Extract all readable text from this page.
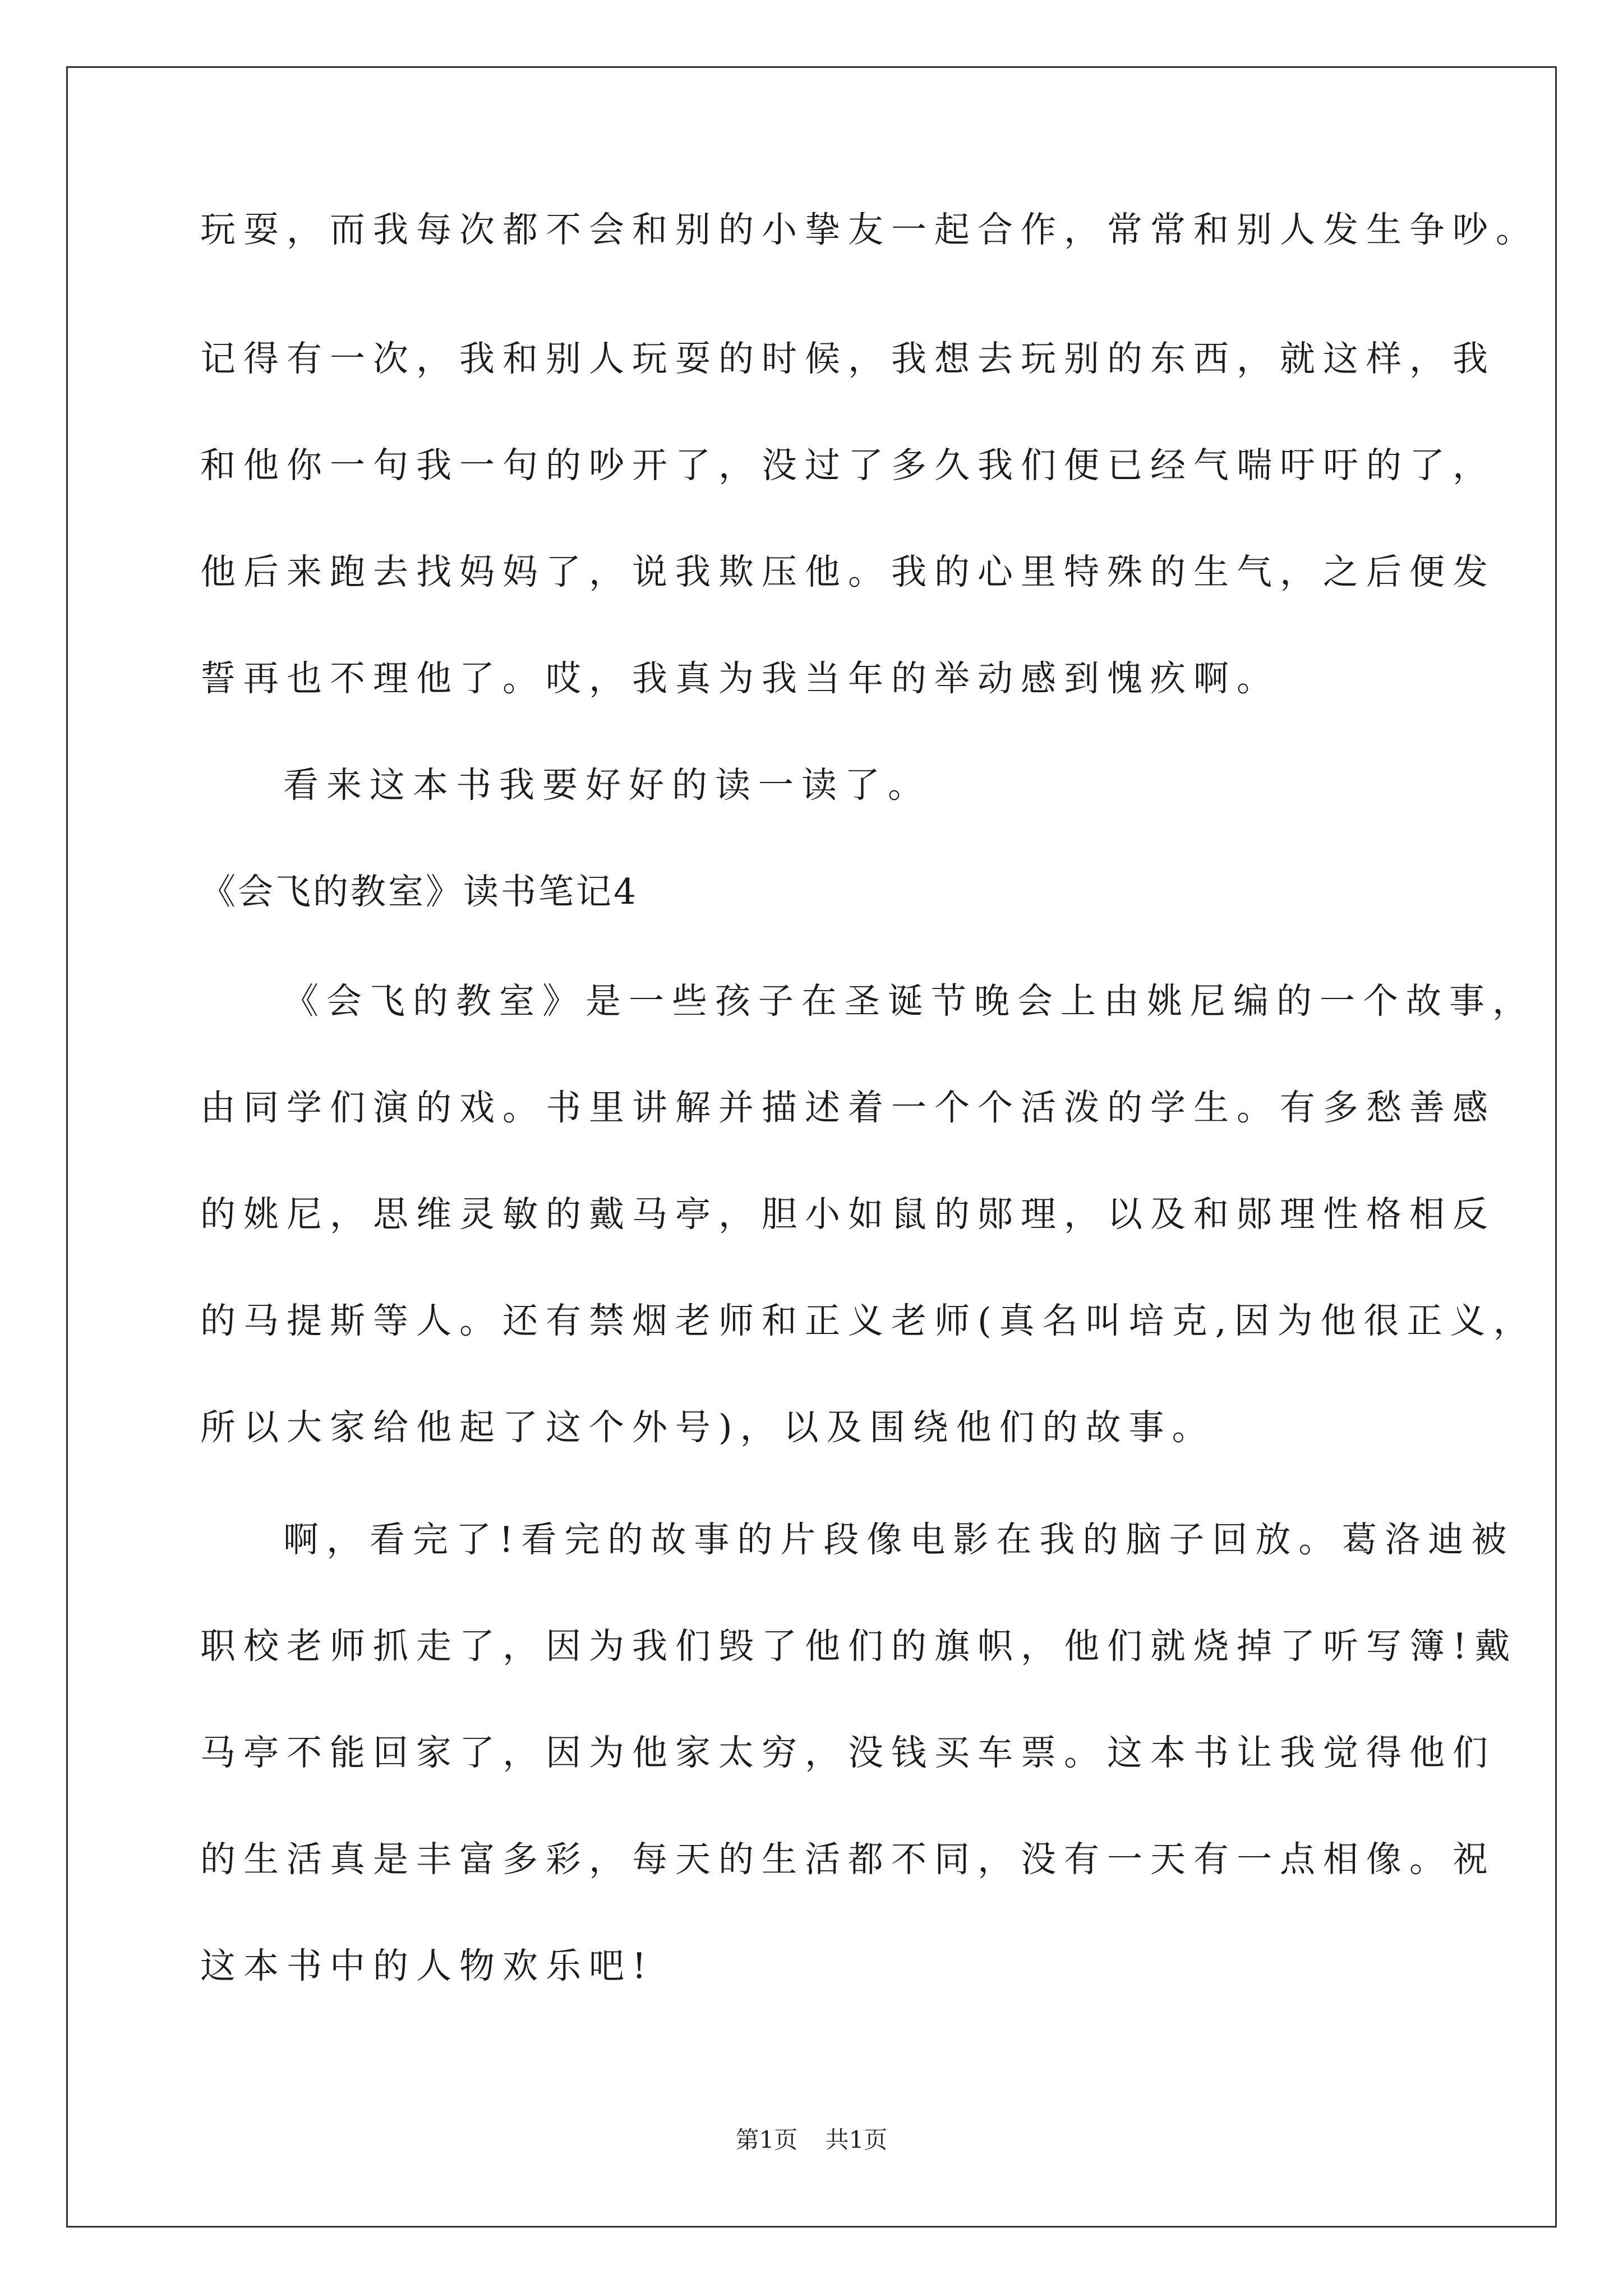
玩耍，而我每次都不会和别的小挚友一起合作，常常和别人发生争吵。
记得有一次，我和别人玩耍的时候，我想去玩别的东西，就这样，我
和他你一句我一句的吵开了，没过了多久我们便已经气喘吁吁的了，
他后来跑去找妈妈了，说我欺压他。我的心里特殊的生气，之后便发
誓再也不理他了。哎，我真为我当年的举动感到愧疚啊。
看来这本书我要好好的读一读了。
《会飞的教室》读书笔记4
《会飞的教室》是一些孩子在圣诞节晚会上由姚尼编的一个故事，
由同学们演的戏。书里讲解并描述着一个个活泼的学生。有多愁善感
的姚尼，思维灵敏的戴马亭，胆小如鼠的郧理，以及和郧理性格相反
的马提斯等人。还有禁烟老师和正义老师(真名叫培克,因为他很正义，
所以大家给他起了这个外号)，以及围绕他们的故事。
啊，看完了!看完的故事的片段像电影在我的脑子回放。葛洛迪被
职校老师抓走了，因为我们毁了他们的旗帜，他们就烧掉了听写簿!戴
马亭不能回家了，因为他家太穷，没钱买车票。这本书让我觉得他们
的生活真是丰富多彩，每天的生活都不同，没有一天有一点相像。祝
这本书中的人物欢乐吧!
第1页 共1页
